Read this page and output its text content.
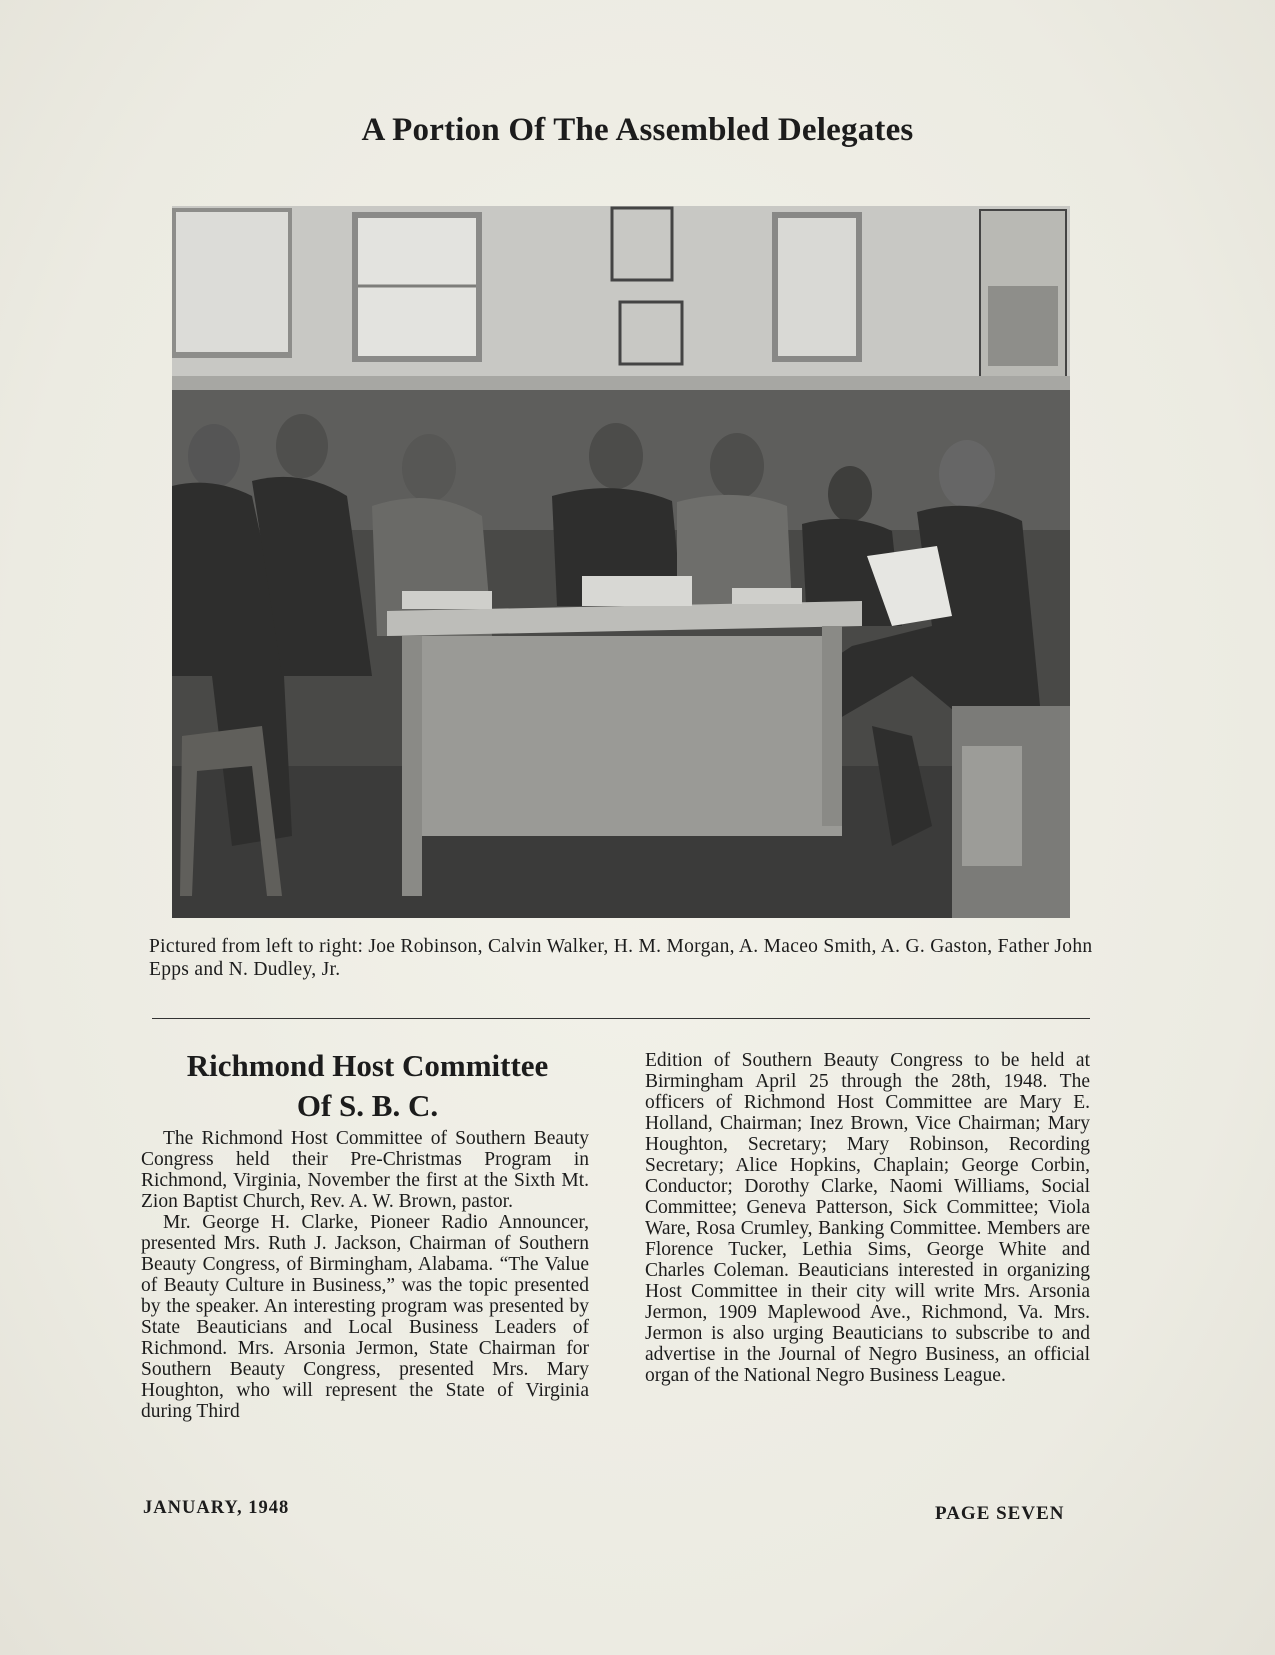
A Portion Of The Assembled Delegates
Pictured from left to right: Joe Robinson, Calvin Walker, H. M. Morgan, A. Maceo Smith, A. G. Gaston, Father John Epps and N. Dudley, Jr.
Richmond Host Committee
Of S. B. C.

The Richmond Host Committee of Southern Beauty Congress held their Pre-Christmas Program in Richmond, Virginia, November the first at the Sixth Mt. Zion Baptist Church, Rev. A. W. Brown, pastor.

Mr. George H. Clarke, Pioneer Radio Announcer, presented Mrs. Ruth J. Jackson, Chairman of Southern Beauty Congress, of Birmingham, Alabama. “The Value of Beauty Culture in Business,” was the topic presented by the speaker. An interesting program was presented by State Beauticians and Local Business Leaders of Richmond. Mrs. Arsonia Jermon, State Chairman for Southern Beauty Congress, presented Mrs. Mary Houghton, who will represent the State of Virginia during Third

Edition of Southern Beauty Congress to be held at Birmingham April 25 through the 28th, 1948. The officers of Richmond Host Committee are Mary E. Holland, Chairman; Inez Brown, Vice Chairman; Mary Houghton, Secretary; Mary Robinson, Recording Secretary; Alice Hopkins, Chaplain; George Corbin, Conductor; Dorothy Clarke, Naomi Williams, Social Committee; Geneva Patterson, Sick Committee; Viola Ware, Rosa Crumley, Banking Committee. Members are Florence Tucker, Lethia Sims, George White and Charles Coleman. Beauticians interested in organizing Host Committee in their city will write Mrs. Arsonia Jermon, 1909 Maplewood Ave., Richmond, Va. Mrs. Jermon is also urging Beauticians to subscribe to and advertise in the Journal of Negro Business, an official organ of the National Negro Business League.

JANUARY, 1948	PAGE SEVEN
